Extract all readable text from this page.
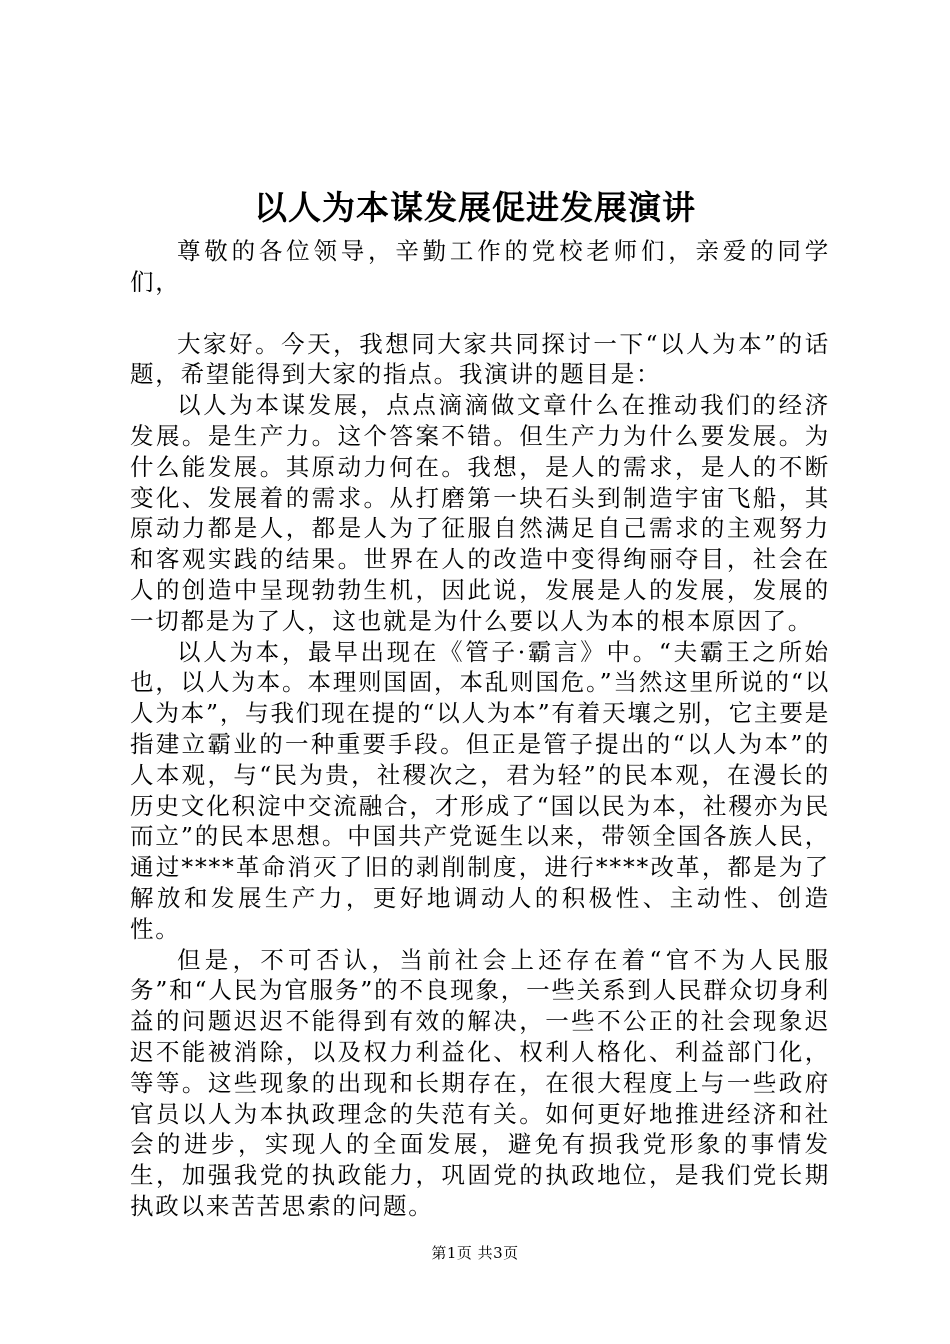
以人为本谋发展促进发展演讲

尊敬的各位领导，辛勤工作的党校老师们，亲爱的同学们，

大家好。今天，我想同大家共同探讨一下“以人为本”的话题，希望能得到大家的指点。我演讲的题目是：

以人为本谋发展，点点滴滴做文章什么在推动我们的经济发展。是生产力。这个答案不错。但生产力为什么要发展。为什么能发展。其原动力何在。我想，是人的需求，是人的不断变化、发展着的需求。从打磨第一块石头到制造宇宙飞船，其原动力都是人，都是人为了征服自然满足自己需求的主观努力和客观实践的结果。世界在人的改造中变得绚丽夺目，社会在人的创造中呈现勃勃生机，因此说，发展是人的发展，发展的一切都是为了人，这也就是为什么要以人为本的根本原因了。

以人为本，最早出现在《管子·霸言》中。“夫霸王之所始也，以人为本。本理则国固，本乱则国危。”当然这里所说的“以人为本”，与我们现在提的“以人为本”有着天壤之别，它主要是指建立霸业的一种重要手段。但正是管子提出的“以人为本”的人本观，与“民为贵，社稷次之，君为轻”的民本观，在漫长的历史文化积淀中交流融合，才形成了“国以民为本，社稷亦为民而立”的民本思想。中国共产党诞生以来，带领全国各族人民，通过****革命消灭了旧的剥削制度，进行****改革，都是为了解放和发展生产力，更好地调动人的积极性、主动性、创造性。

但是，不可否认，当前社会上还存在着“官不为人民服务”和“人民为官服务”的不良现象，一些关系到人民群众切身利益的问题迟迟不能得到有效的解决，一些不公正的社会现象迟迟不能被消除，以及权力利益化、权利人格化、利益部门化，等等。这些现象的出现和长期存在，在很大程度上与一些政府官员以人为本执政理念的失范有关。如何更好地推进经济和社会的进步，实现人的全面发展，避免有损我党形象的事情发生，加强我党的执政能力，巩固党的执政地位，是我们党长期执政以来苦苦思索的问题。

第1页 共3页
